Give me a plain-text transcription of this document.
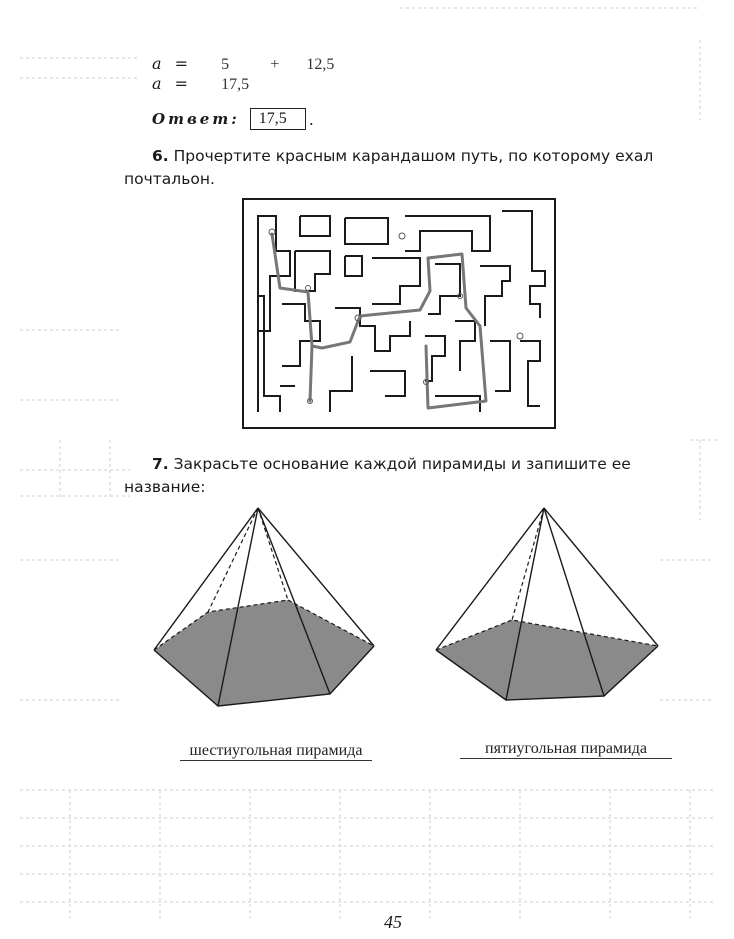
a = 5	+ 12,5
a = 17,5
Ответ:	17,5	.
6. Прочертите красным карандашом путь, по которому ехал почтальон.
7. Закрасьте основание каждой пирамиды и запишите ее название:
шестиугольная пирамида	пятиугольная пирамида
45
